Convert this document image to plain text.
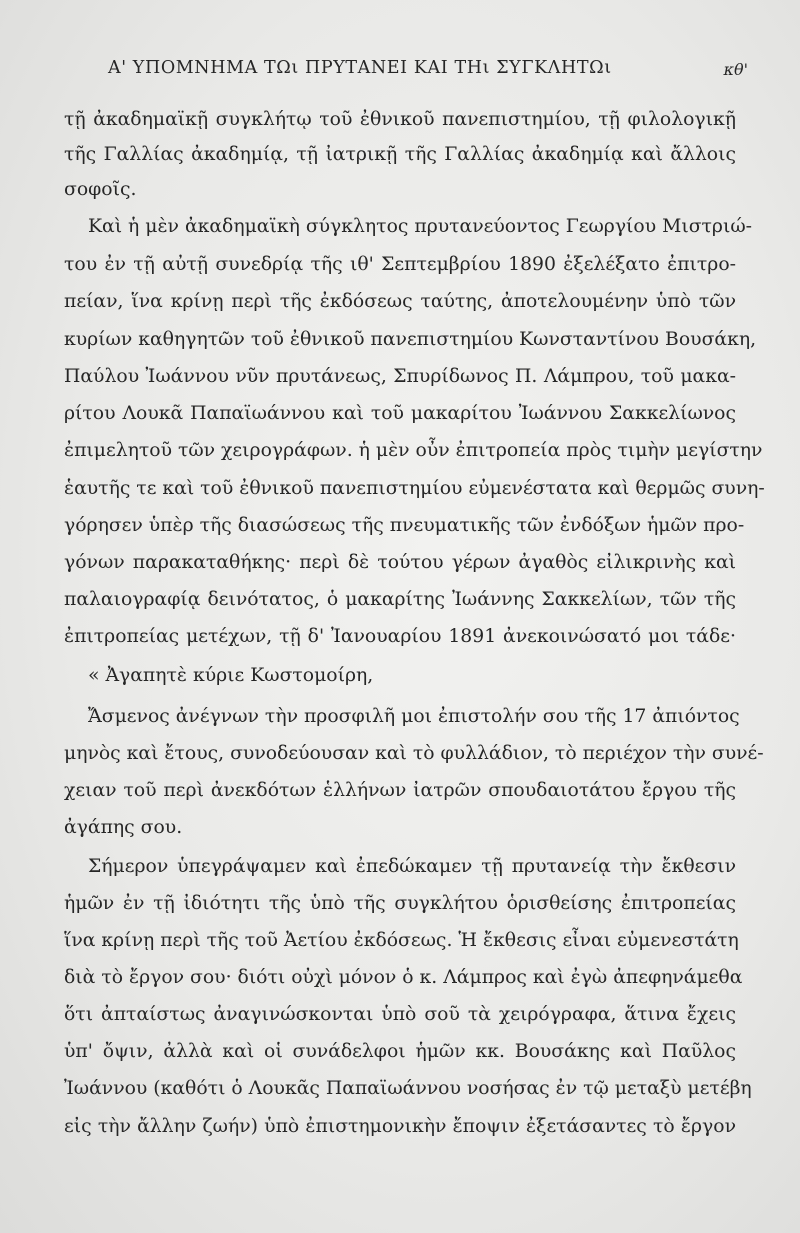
Α' ΥΠΟΜΝΗΜΑ ΤΩι ΠΡΥΤΑΝΕΙ ΚΑΙ ΤΗι ΣΥΓΚΛΗΤΩι	κθ'
τῇ ἀκαδημαϊκῇ συγκλήτῳ τοῦ ἐθνικοῦ πανεπιστημίου, τῇ φιλολογικῇ
τῆς Γαλλίας ἀκαδημίᾳ, τῇ ἰατρικῇ τῆς Γαλλίας ἀκαδημίᾳ καὶ ἄλλοις
σοφοῖς.
Καὶ ἡ μὲν ἀκαδημαϊκὴ σύγκλητος πρυτανεύοντος Γεωργίου Μιστριώ-
του ἐν τῇ αὐτῇ συνεδρίᾳ τῆς ιθ' Σεπτεμβρίου 1890 ἐξελέξατο ἐπιτρο-
πείαν, ἵνα κρίνῃ περὶ τῆς ἐκδόσεως ταύτης, ἀποτελουμένην ὑπὸ τῶν
κυρίων καθηγητῶν τοῦ ἐθνικοῦ πανεπιστημίου Κωνσταντίνου Βουσάκη,
Παύλου Ἰωάννου νῦν πρυτάνεως, Σπυρίδωνος Π. Λάμπρου, τοῦ μακα-
ρίτου Λουκᾶ Παπαϊωάννου καὶ τοῦ μακαρίτου Ἰωάννου Σακκελίωνος
ἐπιμελητοῦ τῶν χειρογράφων. ἡ μὲν οὖν ἐπιτροπεία πρὸς τιμὴν μεγίστην
ἑαυτῆς τε καὶ τοῦ ἐθνικοῦ πανεπιστημίου εὐμενέστατα καὶ θερμῶς συνη-
γόρησεν ὑπὲρ τῆς διασώσεως τῆς πνευματικῆς τῶν ἐνδόξων ἡμῶν προ-
γόνων παρακαταθήκης· περὶ δὲ τούτου γέρων ἀγαθὸς εἰλικρινὴς καὶ
παλαιογραφίᾳ δεινότατος, ὁ μακαρίτης Ἰωάννης Σακκελίων, τῶν τῆς
ἐπιτροπείας μετέχων, τῇ δ' Ἰανουαρίου 1891 ἀνεκοινώσατό μοι τάδε·
« Ἀγαπητὲ κύριε Κωστομοίρη,
Ἄσμενος ἀνέγνων τὴν προσφιλῆ μοι ἐπιστολήν σου τῆς 17 ἀπιόντος
μηνὸς καὶ ἔτους, συνοδεύουσαν καὶ τὸ φυλλάδιον, τὸ περιέχον τὴν συνέ-
χειαν τοῦ περὶ ἀνεκδότων ἑλλήνων ἰατρῶν σπουδαιοτάτου ἔργου τῆς
ἀγάπης σου.
Σήμερον ὑπεγράψαμεν καὶ ἐπεδώκαμεν τῇ πρυτανείᾳ τὴν ἔκθεσιν
ἡμῶν ἐν τῇ ἰδιότητι τῆς ὑπὸ τῆς συγκλήτου ὁρισθείσης ἐπιτροπείας
ἵνα κρίνῃ περὶ τῆς τοῦ Ἀετίου ἐκδόσεως. Ἡ ἔκθεσις εἶναι εὐμενεστάτη
διὰ τὸ ἔργον σου· διότι οὐχὶ μόνον ὁ κ. Λάμπρος καὶ ἐγὼ ἀπεφηνάμεθα
ὅτι ἀπταίστως ἀναγινώσκονται ὑπὸ σοῦ τὰ χειρόγραφα, ἅτινα ἔχεις
ὑπ' ὄψιν, ἀλλὰ καὶ οἱ συνάδελφοι ἡμῶν κκ. Βουσάκης καὶ Παῦλος
Ἰωάννου (καθότι ὁ Λουκᾶς Παπαϊωάννου νοσήσας ἐν τῷ μεταξὺ μετέβη
εἰς τὴν ἄλλην ζωήν) ὑπὸ ἐπιστημονικὴν ἔποψιν ἐξετάσαντες τὸ ἔργον
